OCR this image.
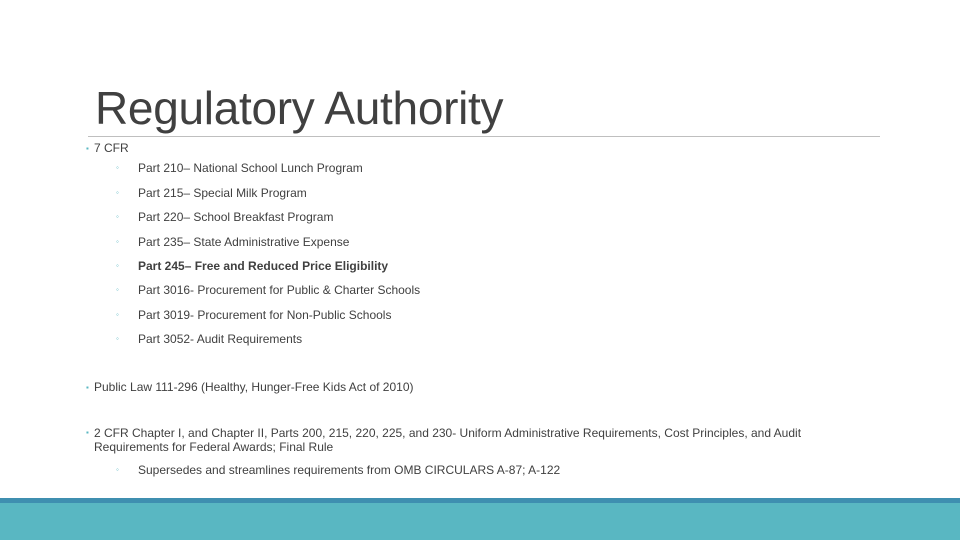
Regulatory Authority
▪ 7 CFR
◦ Part 210– National School Lunch Program
◦ Part 215– Special Milk Program
◦ Part 220– School Breakfast Program
◦ Part 235– State Administrative Expense
◦ Part 245– Free and Reduced Price Eligibility
◦ Part 3016- Procurement for Public & Charter Schools
◦ Part 3019- Procurement for Non-Public Schools
◦ Part 3052- Audit Requirements
▪ Public Law 111-296 (Healthy, Hunger-Free Kids Act of 2010)
▪ 2 CFR Chapter I, and Chapter II, Parts 200, 215, 220, 225, and 230- Uniform Administrative Requirements, Cost Principles, and Audit Requirements for Federal Awards; Final Rule
◦ Supersedes and streamlines requirements from OMB CIRCULARS A-87; A-122
